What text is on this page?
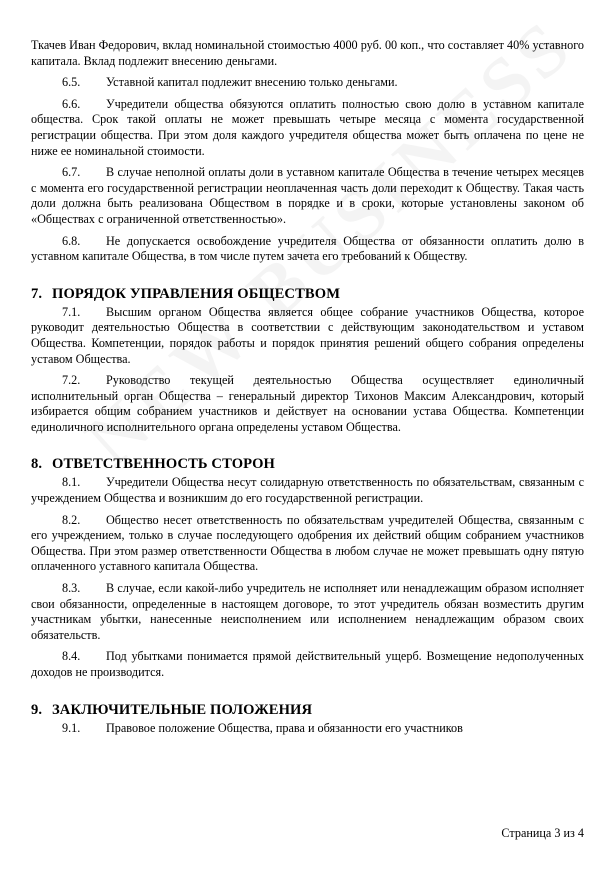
Ткачев Иван Федорович, вклад номинальной стоимостью 4000 руб. 00 коп., что составляет 40% уставного капитала. Вклад подлежит внесению деньгами.

6.5. Уставной капитал подлежит внесению только деньгами.

6.6. Учредители общества обязуются оплатить полностью свою долю в уставном капитале общества. Срок такой оплаты не может превышать четыре месяца с момента государственной регистрации общества. При этом доля каждого учредителя общества может быть оплачена по цене не ниже ее номинальной стоимости.

6.7. В случае неполной оплаты доли в уставном капитале Общества в течение четырех месяцев с момента его государственной регистрации неоплаченная часть доли переходит к Обществу. Такая часть доли должна быть реализована Обществом в порядке и в сроки, которые установлены законом об «Обществах с ограниченной ответственностью».

6.8. Не допускается освобождение учредителя Общества от обязанности оплатить долю в уставном капитале Общества, в том числе путем зачета его требований к Обществу.

7. ПОРЯДОК УПРАВЛЕНИЯ ОБЩЕСТВОМ

7.1. Высшим органом Общества является общее собрание участников Общества, которое руководит деятельностью Общества в соответствии с действующим законодательством и уставом Общества. Компетенции, порядок работы и порядок принятия решений общего собрания определены уставом Общества.

7.2. Руководство текущей деятельностью Общества осуществляет единоличный исполнительный орган Общества – генеральный директор Тихонов Максим Александрович, который избирается общим собранием участников и действует на основании устава Общества. Компетенции единоличного исполнительного органа определены уставом Общества.

8. ОТВЕТСТВЕННОСТЬ СТОРОН

8.1. Учредители Общества несут солидарную ответственность по обязательствам, связанным с учреждением Общества и возникшим до его государственной регистрации.

8.2. Общество несет ответственность по обязательствам учредителей Общества, связанным с его учреждением, только в случае последующего одобрения их действий общим собранием участников Общества. При этом размер ответственности Общества в любом случае не может превышать одну пятую оплаченного уставного капитала Общества.

8.3. В случае, если какой-либо учредитель не исполняет или ненадлежащим образом исполняет свои обязанности, определенные в настоящем договоре, то этот учредитель обязан возместить другим участникам убытки, нанесенные неисполнением или исполнением ненадлежащим образом своих обязательств.

8.4. Под убытками понимается прямой действительный ущерб. Возмещение недополученных доходов не производится.

9. ЗАКЛЮЧИТЕЛЬНЫЕ ПОЛОЖЕНИЯ

9.1. Правовое положение Общества, права и обязанности его участников

Страница 3 из 4
